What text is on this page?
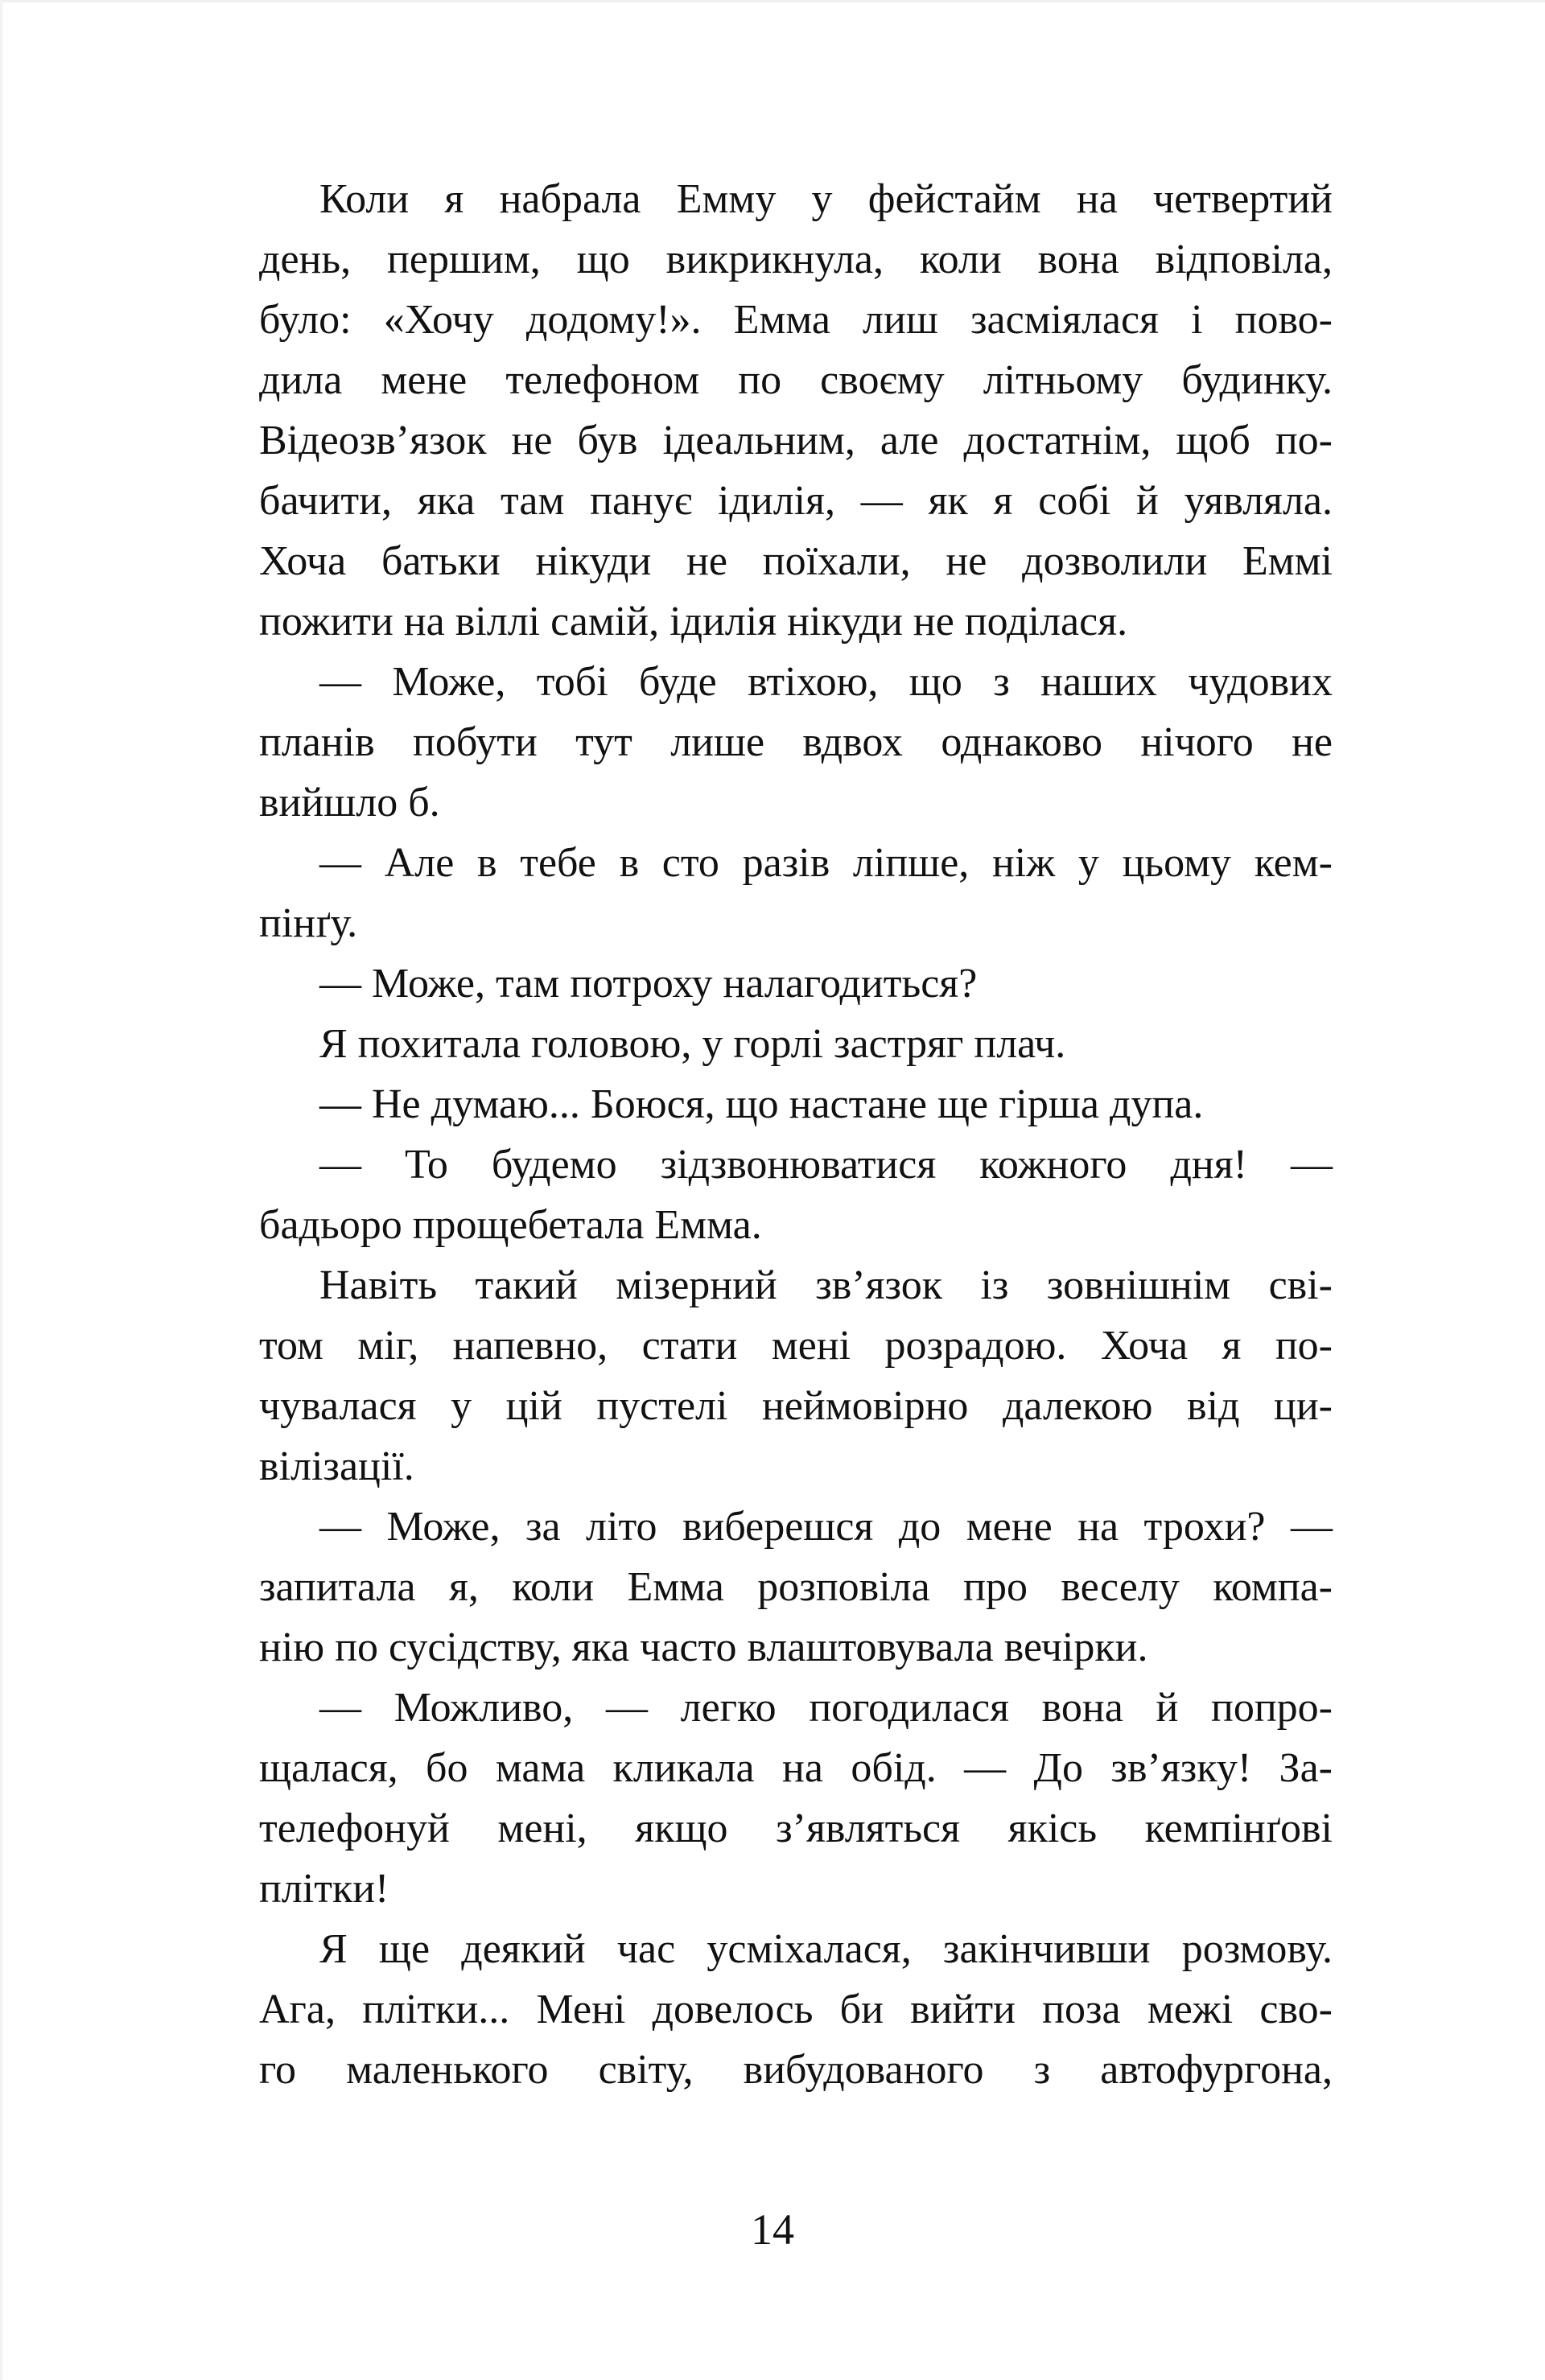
Коли я набрала Емму у фейстайм на четвертий
день, першим, що викрикнула, коли вона відповіла,
було: «Хочу додому!». Емма лиш засміялася і пово-
дила мене телефоном по своєму літньому будинку.
Відеозв’язок не був ідеальним, але достатнім, щоб по-
бачити, яка там панує ідилія, — як я собі й уявляла.
Хоча батьки нікуди не поїхали, не дозволили Еммі
пожити на віллі самій, ідилія нікуди не поділася.
— Може, тобі буде втіхою, що з наших чудових
планів побути тут лише вдвох однаково нічого не
вийшло б.
— Але в тебе в сто разів ліпше, ніж у цьому кем-
пінґу.
— Може, там потроху налагодиться?
Я похитала головою, у горлі застряг плач.
— Не думаю... Боюся, що настане ще гірша дупа.
— То будемо зідзвонюватися кожного дня! —
бадьоро прощебетала Емма.
Навіть такий мізерний зв’язок із зовнішнім сві-
том міг, напевно, стати мені розрадою. Хоча я по-
чувалася у цій пустелі неймовірно далекою від ци-
вілізації.
— Може, за літо виберешся до мене на трохи? —
запитала я, коли Емма розповіла про веселу компа-
нію по сусідству, яка часто влаштовувала вечірки.
— Можливо, — легко погодилася вона й попро-
щалася, бо мама кликала на обід. — До зв’язку! За-
телефонуй мені, якщо з’являться якісь кемпінґові
плітки!
Я ще деякий час усміхалася, закінчивши розмову.
Ага, плітки... Мені довелось би вийти поза межі сво-
го маленького світу, вибудованого з автофургона,
14
